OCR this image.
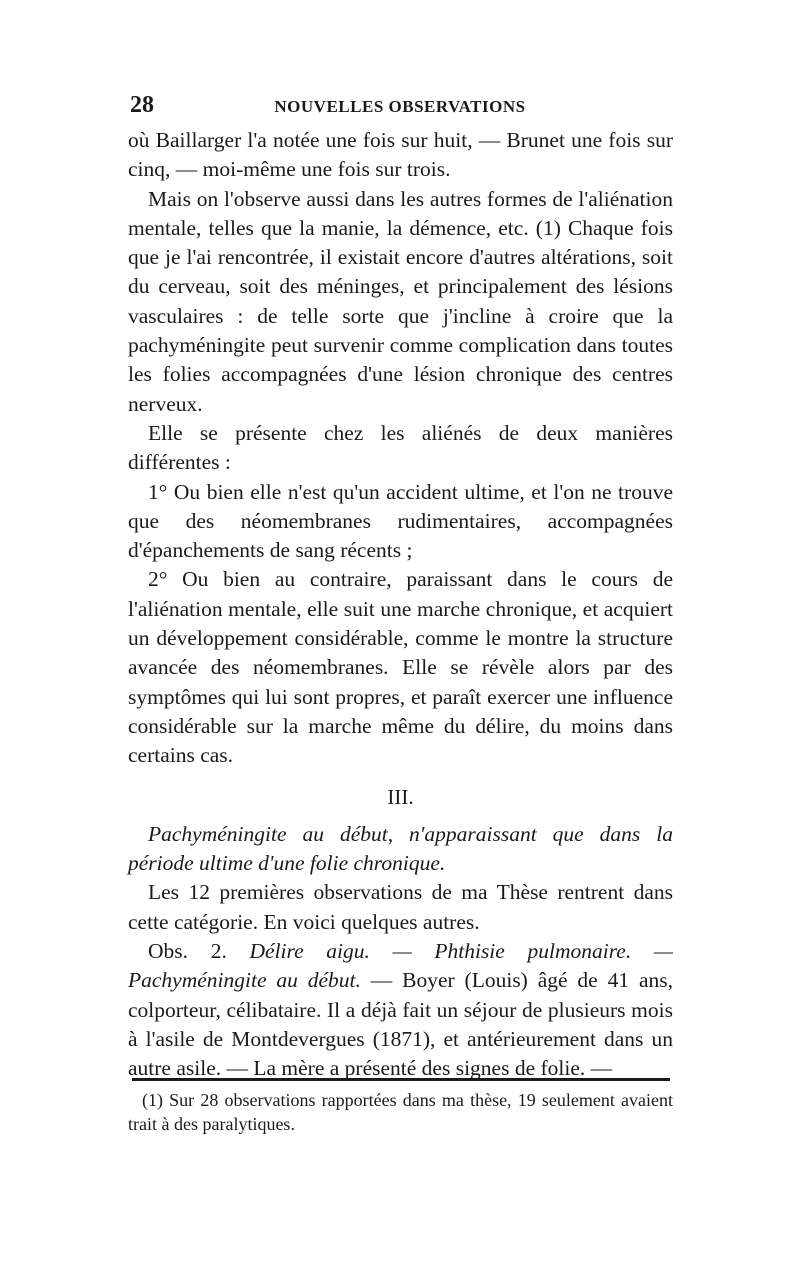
28	NOUVELLES OBSERVATIONS

où Baillarger l'a notée une fois sur huit, — Brunet une fois sur cinq, — moi-même une fois sur trois.

Mais on l'observe aussi dans les autres formes de l'aliénation mentale, telles que la manie, la démence, etc. (1) Chaque fois que je l'ai rencontrée, il existait encore d'autres altérations, soit du cerveau, soit des méninges, et principalement des lésions vasculaires : de telle sorte que j'incline à croire que la pachyméningite peut survenir comme complication dans toutes les folies accompagnées d'une lésion chronique des centres nerveux.

Elle se présente chez les aliénés de deux manières différentes :

1° Ou bien elle n'est qu'un accident ultime, et l'on ne trouve que des néomembranes rudimentaires, accompagnées d'épanchements de sang récents ;

2° Ou bien au contraire, paraissant dans le cours de l'aliénation mentale, elle suit une marche chronique, et acquiert un développement considérable, comme le montre la structure avancée des néomembranes. Elle se révèle alors par des symptômes qui lui sont propres, et paraît exercer une influence considérable sur la marche même du délire, du moins dans certains cas.

III.

Pachyméningite au début, n'apparaissant que dans la période ultime d'une folie chronique.

Les 12 premières observations de ma Thèse rentrent dans cette catégorie. En voici quelques autres.

Obs. 2. Délire aigu. — Phthisie pulmonaire. — Pachyméningite au début. — Boyer (Louis) âgé de 41 ans, colporteur, célibataire. Il a déjà fait un séjour de plusieurs mois à l'asile de Montdevergues (1871), et antérieurement dans un autre asile. — La mère a présenté des signes de folie. —

(1) Sur 28 observations rapportées dans ma thèse, 19 seulement avaient trait à des paralytiques.
